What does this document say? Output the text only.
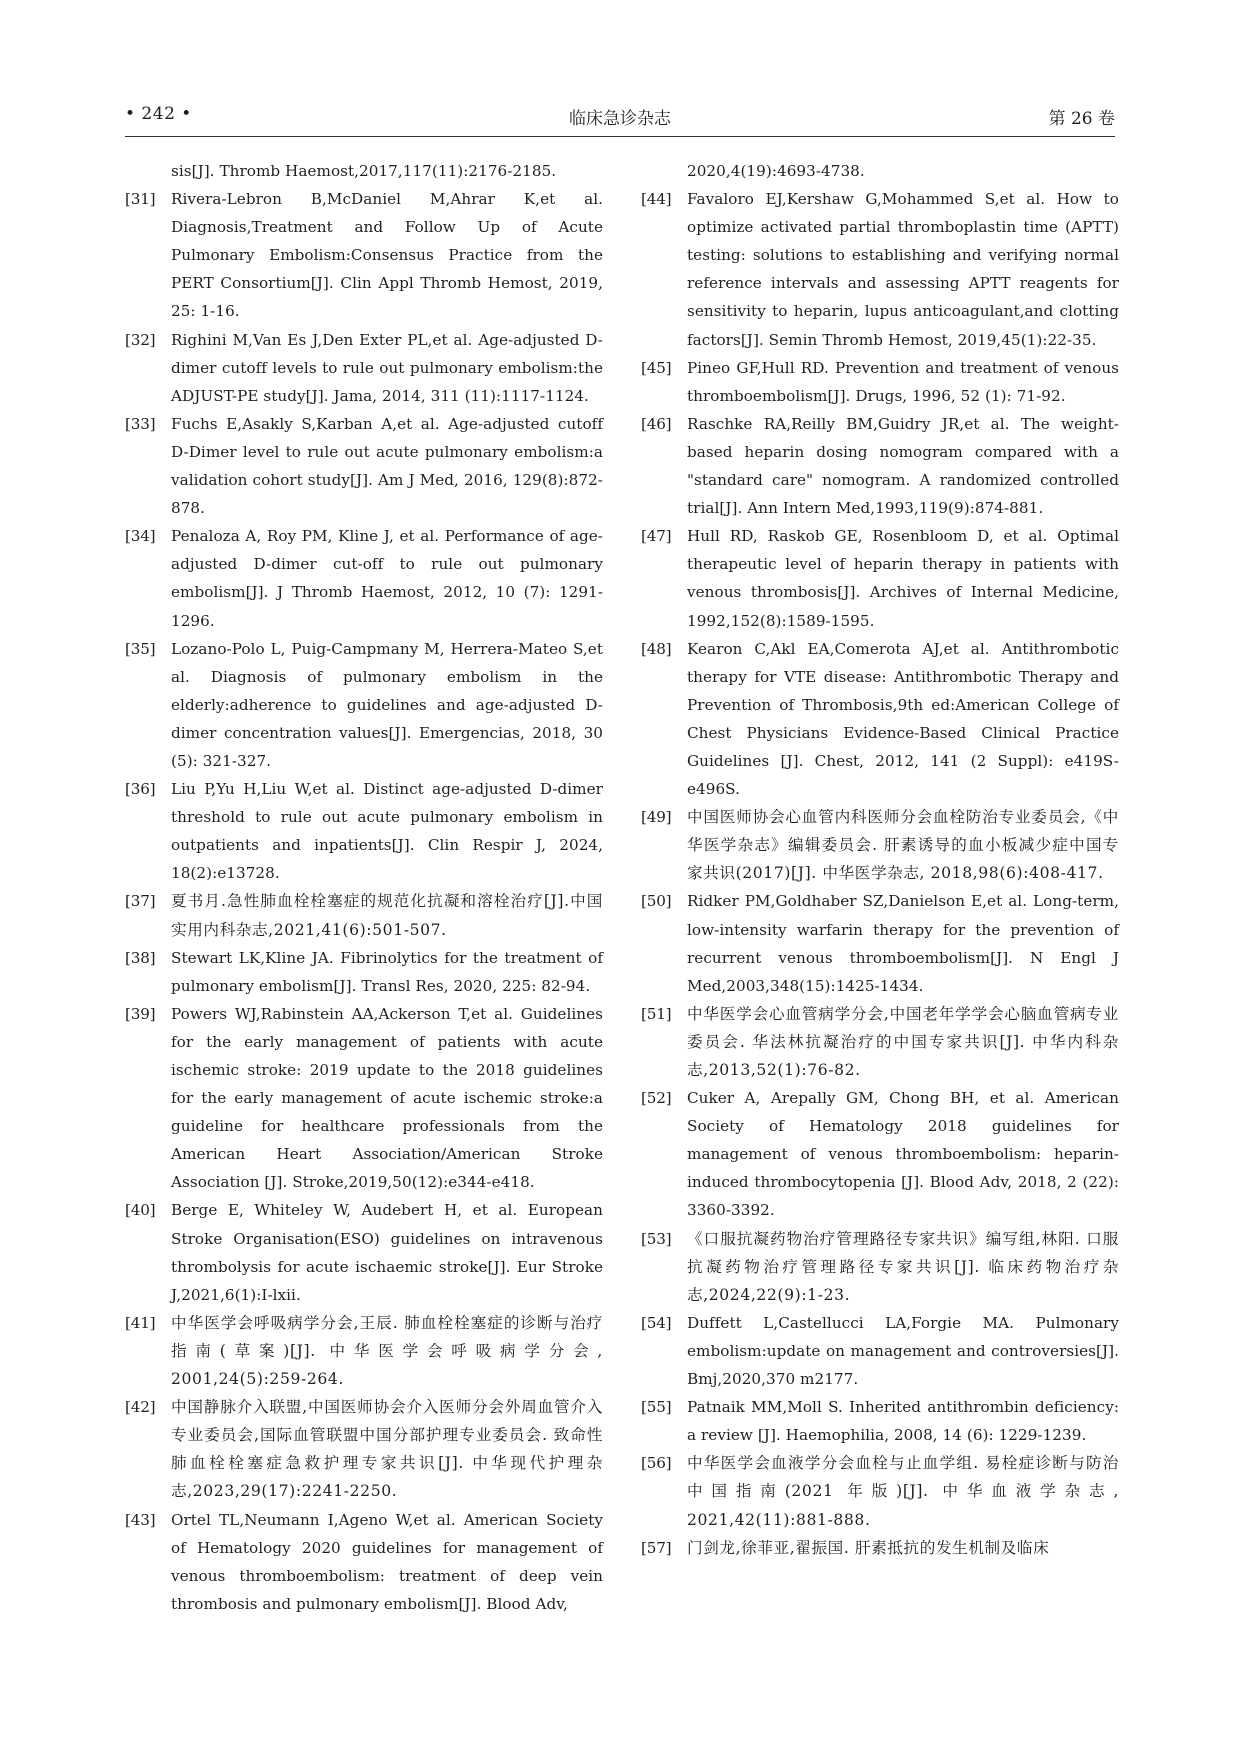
• 242 •	临床急诊杂志	第 26 卷
sis[J]. Thromb Haemost,2017,117(11):2176-2185.
[31]	Rivera-Lebron B,McDaniel M,Ahrar K,et al. Diagnosis,Treatment and Follow Up of Acute Pulmonary Embolism:Consensus Practice from the PERT Consortium[J]. Clin Appl Thromb Hemost, 2019, 25: 1-16.
[32]	Righini M,Van Es J,Den Exter PL,et al. Age-adjusted D-dimer cutoff levels to rule out pulmonary embolism:the ADJUST-PE study[J]. Jama, 2014, 311 (11):1117-1124.
[33]	Fuchs E,Asakly S,Karban A,et al. Age-adjusted cutoff D-Dimer level to rule out acute pulmonary embolism:a validation cohort study[J]. Am J Med, 2016, 129(8):872-878.
[34]	Penaloza A, Roy PM, Kline J, et al. Performance of age-adjusted D-dimer cut-off to rule out pulmonary embolism[J]. J Thromb Haemost, 2012, 10 (7): 1291-1296.
[35]	Lozano-Polo L, Puig-Campmany M, Herrera-Mateo S,et al. Diagnosis of pulmonary embolism in the elderly:adherence to guidelines and age-adjusted D-dimer concentration values[J]. Emergencias, 2018, 30 (5): 321-327.
[36]	Liu P,Yu H,Liu W,et al. Distinct age-adjusted D-dimer threshold to rule out acute pulmonary embolism in outpatients and inpatients[J]. Clin Respir J, 2024, 18(2):e13728.
[37]	夏书月.急性肺血栓栓塞症的规范化抗凝和溶栓治疗[J].中国实用内科杂志,2021,41(6):501-507.
[38]	Stewart LK,Kline JA. Fibrinolytics for the treatment of pulmonary embolism[J]. Transl Res, 2020, 225: 82-94.
[39]	Powers WJ,Rabinstein AA,Ackerson T,et al. Guidelines for the early management of patients with acute ischemic stroke: 2019 update to the 2018 guidelines for the early management of acute ischemic stroke:a guideline for healthcare professionals from the American Heart Association/American Stroke Association [J]. Stroke,2019,50(12):e344-e418.
[40]	Berge E, Whiteley W, Audebert H, et al. European Stroke Organisation(ESO) guidelines on intravenous thrombolysis for acute ischaemic stroke[J]. Eur Stroke J,2021,6(1):I-lxii.
[41]	中华医学会呼吸病学分会,王辰. 肺血栓栓塞症的诊断与治疗指南(草案)[J]. 中华医学会呼吸病学分会, 2001,24(5):259-264.
[42]	中国静脉介入联盟,中国医师协会介入医师分会外周血管介入专业委员会,国际血管联盟中国分部护理专业委员会. 致命性肺血栓栓塞症急救护理专家共识[J]. 中华现代护理杂志,2023,29(17):2241-2250.
[43]	Ortel TL,Neumann I,Ageno W,et al. American Society of Hematology 2020 guidelines for management of venous thromboembolism: treatment of deep vein thrombosis and pulmonary embolism[J]. Blood Adv,
2020,4(19):4693-4738.
[44]	Favaloro EJ,Kershaw G,Mohammed S,et al. How to optimize activated partial thromboplastin time (APTT) testing: solutions to establishing and verifying normal reference intervals and assessing APTT reagents for sensitivity to heparin, lupus anticoagulant,and clotting factors[J]. Semin Thromb Hemost, 2019,45(1):22-35.
[45]	Pineo GF,Hull RD. Prevention and treatment of venous thromboembolism[J]. Drugs, 1996, 52 (1): 71-92.
[46]	Raschke RA,Reilly BM,Guidry JR,et al. The weight-based heparin dosing nomogram compared with a "standard care" nomogram. A randomized controlled trial[J]. Ann Intern Med,1993,119(9):874-881.
[47]	Hull RD, Raskob GE, Rosenbloom D, et al. Optimal therapeutic level of heparin therapy in patients with venous thrombosis[J]. Archives of Internal Medicine, 1992,152(8):1589-1595.
[48]	Kearon C,Akl EA,Comerota AJ,et al. Antithrombotic therapy for VTE disease: Antithrombotic Therapy and Prevention of Thrombosis,9th ed:American College of Chest Physicians Evidence-Based Clinical Practice Guidelines [J]. Chest, 2012, 141 (2 Suppl): e419S-e496S.
[49]	中国医师协会心血管内科医师分会血栓防治专业委员会,《中华医学杂志》编辑委员会. 肝素诱导的血小板减少症中国专家共识(2017)[J]. 中华医学杂志, 2018,98(6):408-417.
[50]	Ridker PM,Goldhaber SZ,Danielson E,et al. Long-term, low-intensity warfarin therapy for the prevention of recurrent venous thromboembolism[J]. N Engl J Med,2003,348(15):1425-1434.
[51]	中华医学会心血管病学分会,中国老年学学会心脑血管病专业委员会. 华法林抗凝治疗的中国专家共识[J]. 中华内科杂志,2013,52(1):76-82.
[52]	Cuker A, Arepally GM, Chong BH, et al. American Society of Hematology 2018 guidelines for management of venous thromboembolism: heparin-induced thrombocytopenia [J]. Blood Adv, 2018, 2 (22): 3360-3392.
[53]	《口服抗凝药物治疗管理路径专家共识》编写组,林阳. 口服抗凝药物治疗管理路径专家共识[J]. 临床药物治疗杂志,2024,22(9):1-23.
[54]	Duffett L,Castellucci LA,Forgie MA. Pulmonary embolism:update on management and controversies[J]. Bmj,2020,370 m2177.
[55]	Patnaik MM,Moll S. Inherited antithrombin deficiency: a review [J]. Haemophilia, 2008, 14 (6): 1229-1239.
[56]	中华医学会血液学分会血栓与止血学组. 易栓症诊断与防治中国指南(2021 年版)[J]. 中华血液学杂志, 2021,42(11):881-888.
[57]	门剑龙,徐菲亚,翟振国. 肝素抵抗的发生机制及临床
